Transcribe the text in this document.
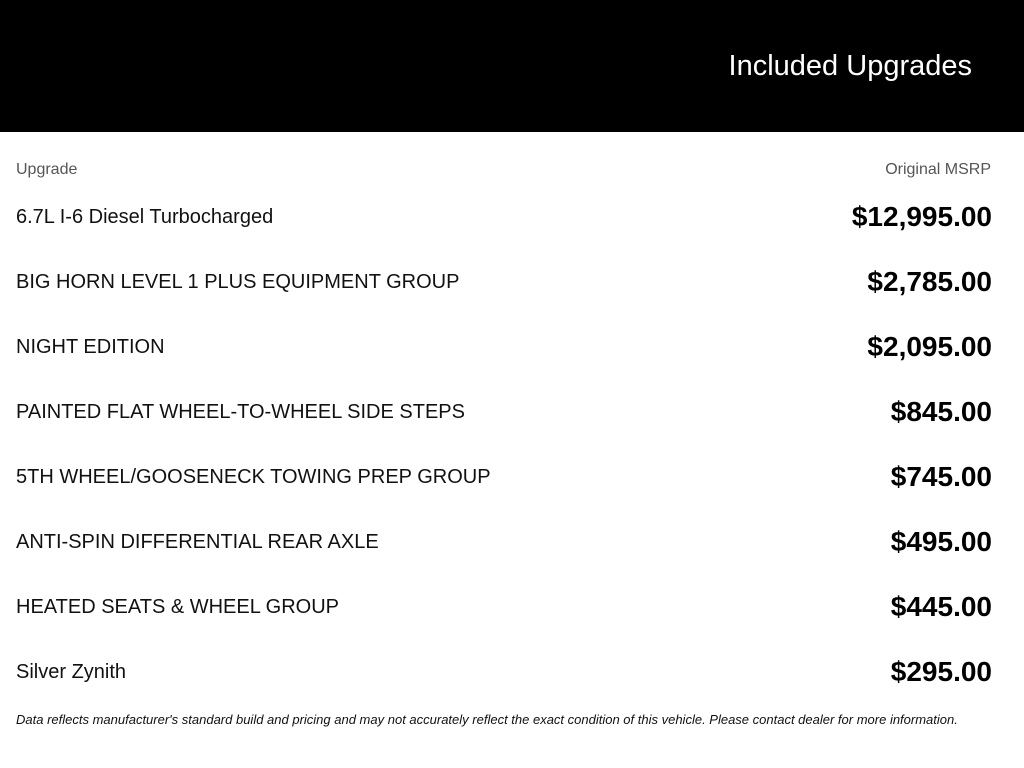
Included Upgrades
Upgrade	Original MSRP
6.7L I-6 Diesel Turbocharged	$12,995.00
BIG HORN LEVEL 1 PLUS EQUIPMENT GROUP	$2,785.00
NIGHT EDITION	$2,095.00
PAINTED FLAT WHEEL-TO-WHEEL SIDE STEPS	$845.00
5TH WHEEL/GOOSENECK TOWING PREP GROUP	$745.00
ANTI-SPIN DIFFERENTIAL REAR AXLE	$495.00
HEATED SEATS & WHEEL GROUP	$445.00
Silver Zynith	$295.00
Data reflects manufacturer's standard build and pricing and may not accurately reflect the exact condition of this vehicle. Please contact dealer for more information.
